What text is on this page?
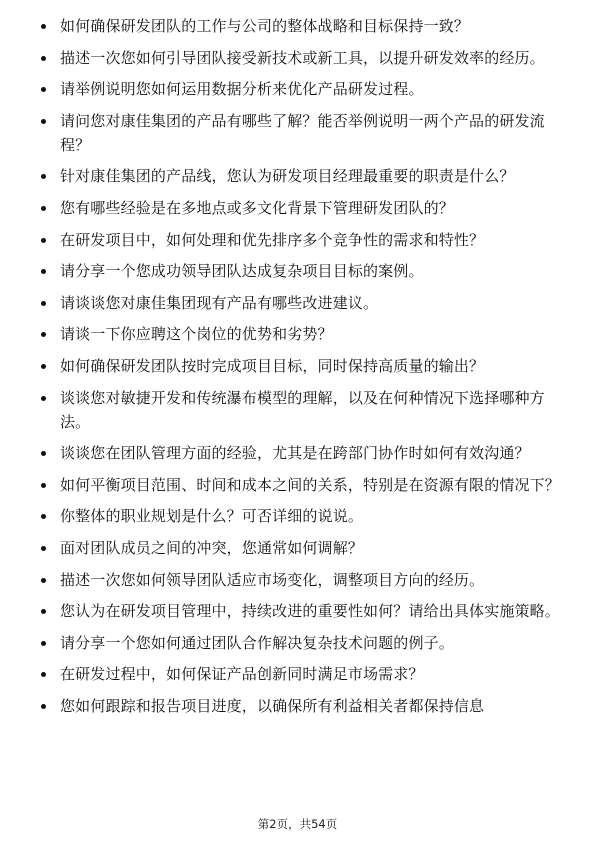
如何确保研发团队的工作与公司的整体战略和目标保持一致？
描述一次您如何引导团队接受新技术或新工具，以提升研发效率的经历。
请举例说明您如何运用数据分析来优化产品研发过程。
请问您对康佳集团的产品有哪些了解？能否举例说明一两个产品的研发流程？
针对康佳集团的产品线，您认为研发项目经理最重要的职责是什么？
您有哪些经验是在多地点或多文化背景下管理研发团队的？
在研发项目中，如何处理和优先排序多个竞争性的需求和特性？
请分享一个您成功领导团队达成复杂项目目标的案例。
请谈谈您对康佳集团现有产品有哪些改进建议。
请谈一下你应聘这个岗位的优势和劣势？
如何确保研发团队按时完成项目目标，同时保持高质量的输出？
谈谈您对敏捷开发和传统瀑布模型的理解，以及在何种情况下选择哪种方法。
谈谈您在团队管理方面的经验，尤其是在跨部门协作时如何有效沟通？
如何平衡项目范围、时间和成本之间的关系，特别是在资源有限的情况下？
你整体的职业规划是什么？可否详细的说说。
面对团队成员之间的冲突，您通常如何调解？
描述一次您如何领导团队适应市场变化，调整项目方向的经历。
您认为在研发项目管理中，持续改进的重要性如何？请给出具体实施策略。
请分享一个您如何通过团队合作解决复杂技术问题的例子。
在研发过程中，如何保证产品创新同时满足市场需求？
您如何跟踪和报告项目进度，以确保所有利益相关者都保持信息
第2页，共54页
